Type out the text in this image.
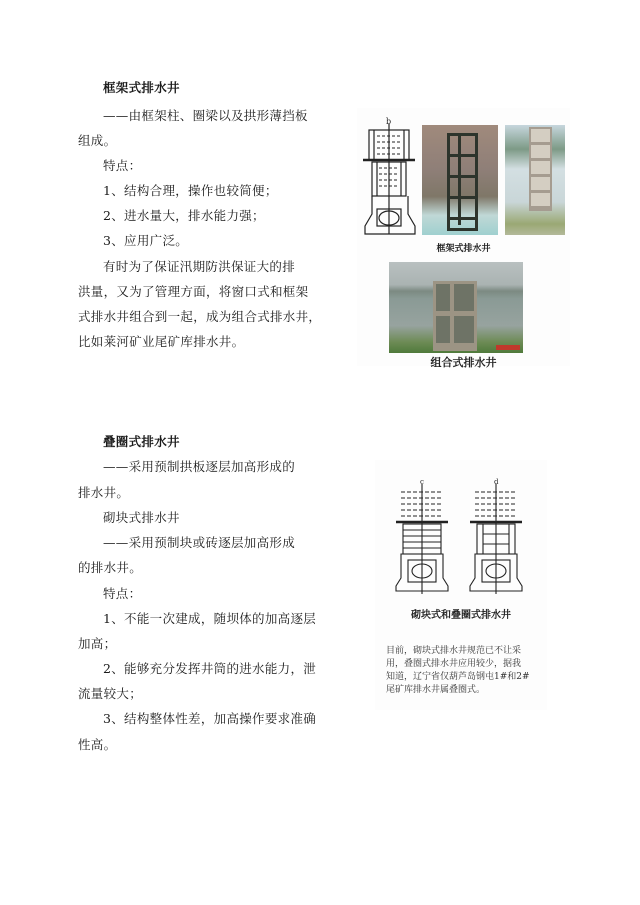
框架式排水井
——由框架柱、圈梁以及拱形薄挡板
组成。
特点：
1、结构合理，操作也较简便；
2、进水量大，排水能力强；
3、应用广泛。
有时为了保证汛期防洪保证大的排
洪量，又为了管理方面，将窗口式和框架
式排水井组合到一起，成为组合式排水井，
比如莱河矿业尾矿库排水井。
b
框架式排水井
组合式排水井
叠圈式排水井
——采用预制拱板逐层加高形成的
排水井。
砌块式排水井
——采用预制块或砖逐层加高形成
的排水井。
特点：
1、不能一次建成，随坝体的加高逐层
加高；
2、能够充分发挥井筒的进水能力，泄
流量较大；
3、结构整体性差，加高操作要求准确
性高。
c	d
砌块式和叠圈式排水井
目前，砌块式排水井规范已不让采
用，叠圈式排水井应用较少，据我
知道，辽宁省仅葫芦岛钢屯1#和2#
尾矿库排水井属叠圈式。
